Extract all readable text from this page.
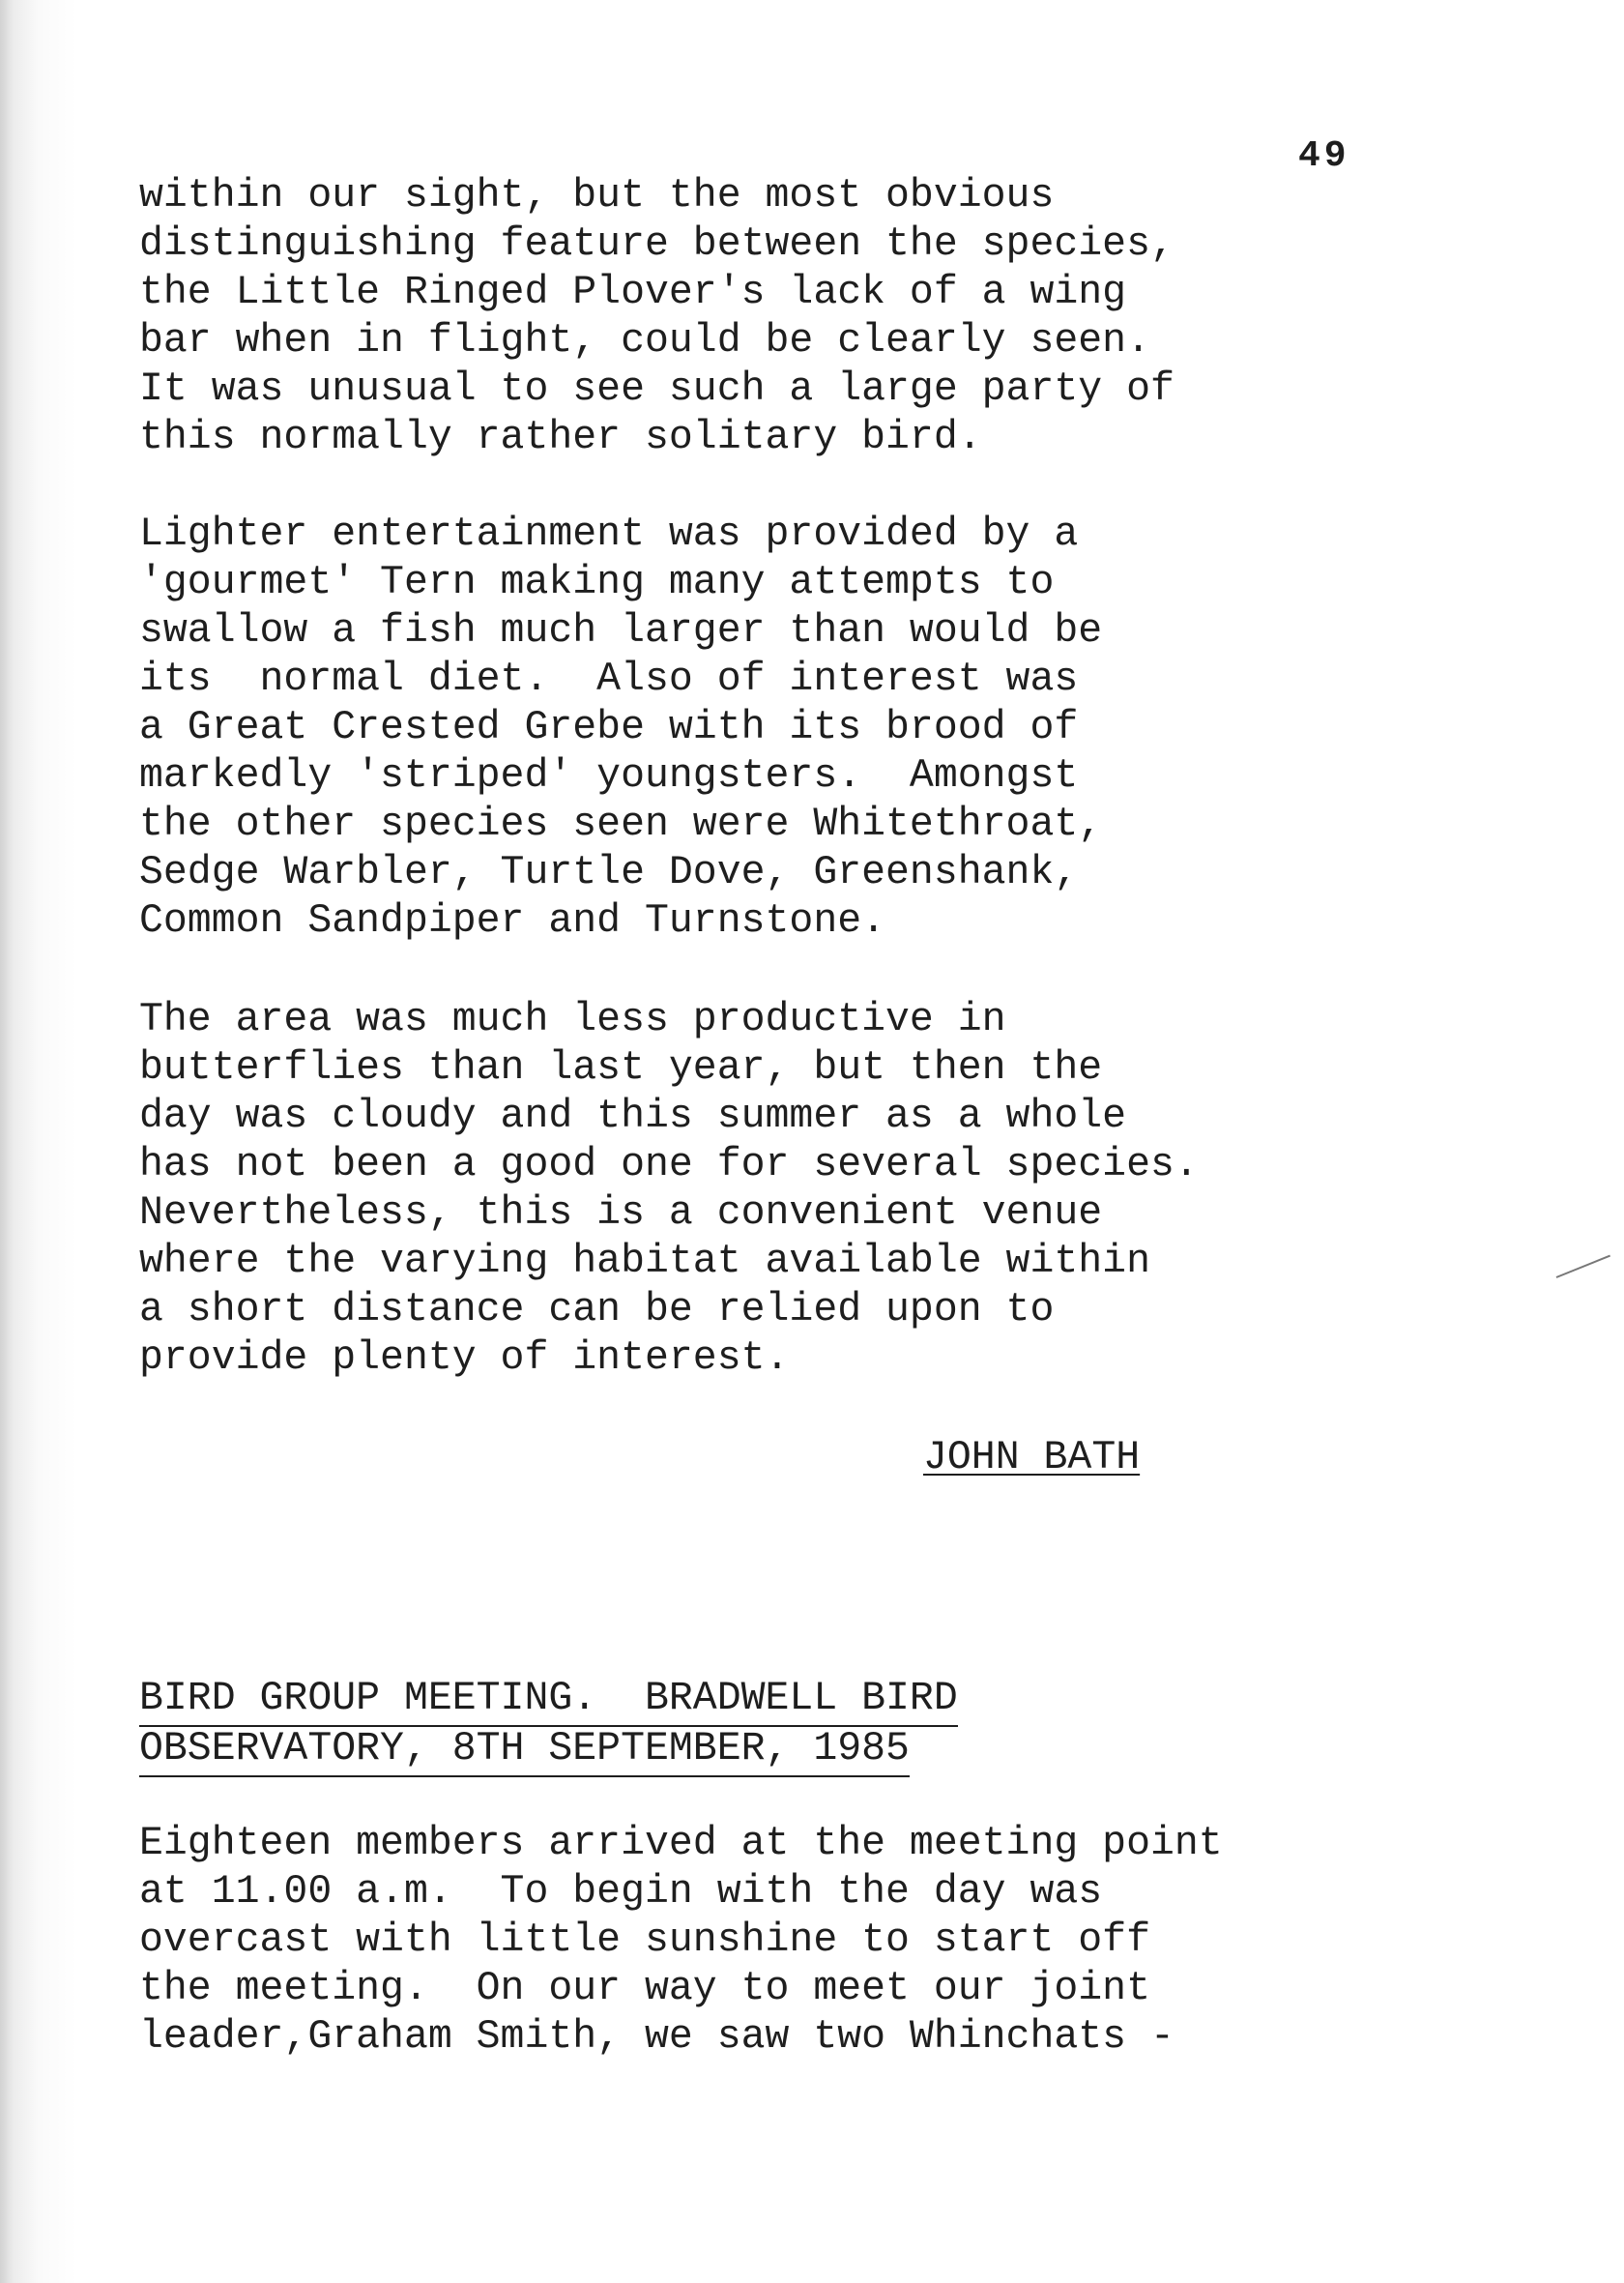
49
within our sight, but the most obvious
distinguishing feature between the species,
the Little Ringed Plover's lack of a wing
bar when in flight, could be clearly seen.
It was unusual to see such a large party of
this normally rather solitary bird.
Lighter entertainment was provided by a
'gourmet' Tern making many attempts to
swallow a fish much larger than would be
its  normal diet.  Also of interest was
a Great Crested Grebe with its brood of
markedly 'striped' youngsters.  Amongst
the other species seen were Whitethroat,
Sedge Warbler, Turtle Dove, Greenshank,
Common Sandpiper and Turnstone.
The area was much less productive in
butterflies than last year, but then the
day was cloudy and this summer as a whole
has not been a good one for several species.
Nevertheless, this is a convenient venue
where the varying habitat available within
a short distance can be relied upon to
provide plenty of interest.
JOHN BATH
BIRD GROUP MEETING.  BRADWELL BIRD
OBSERVATORY, 8TH SEPTEMBER, 1985
Eighteen members arrived at the meeting point
at 11.00 a.m.  To begin with the day was
overcast with little sunshine to start off
the meeting.  On our way to meet our joint
leader,Graham Smith, we saw two Whinchats -
